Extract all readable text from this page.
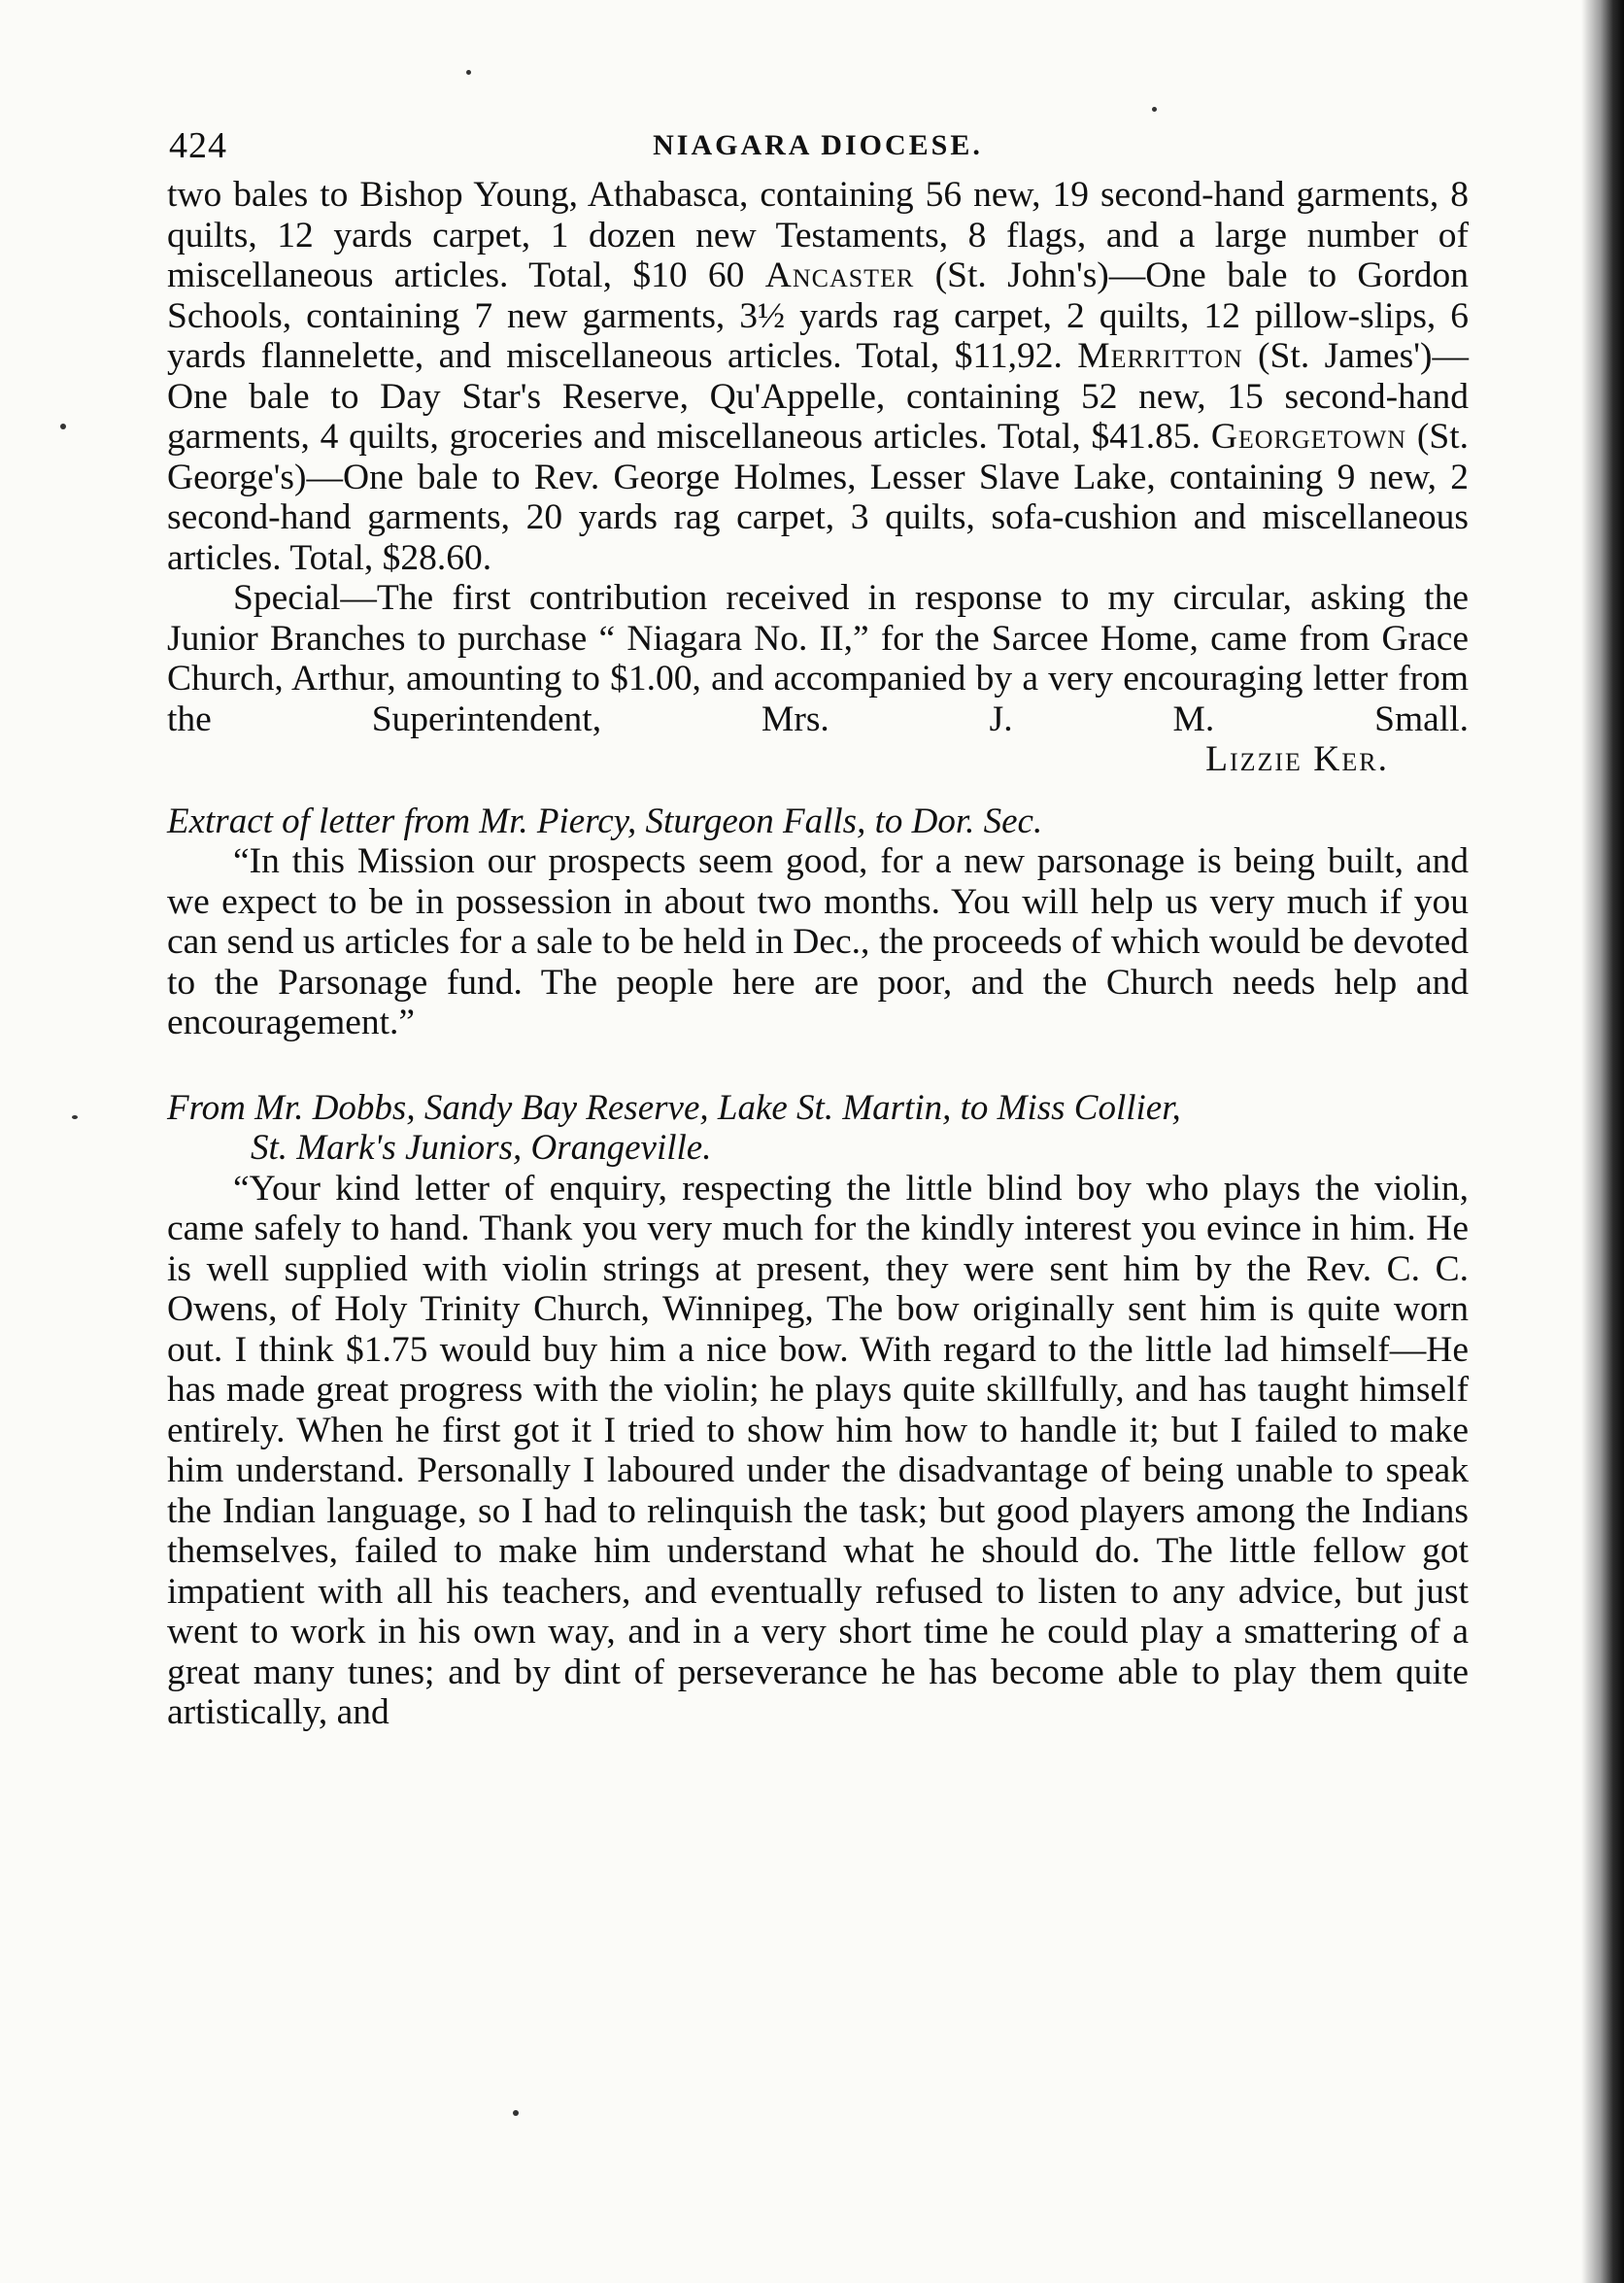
424	NIAGARA DIOCESE.

two bales to Bishop Young, Athabasca, containing 56 new, 19 second-hand garments, 8 quilts, 12 yards carpet, 1 dozen new Testaments, 8 flags, and a large number of miscellaneous articles. Total, $10 60 Ancaster (St. John's)—One bale to Gordon Schools, containing 7 new garments, 3½ yards rag carpet, 2 quilts, 12 pillow-slips, 6 yards flannelette, and miscellaneous articles. Total, $11,92. Merritton (St. James')—One bale to Day Star's Reserve, Qu'Appelle, containing 52 new, 15 second-hand garments, 4 quilts, groceries and miscellaneous articles. Total, $41.85. Georgetown (St. George's)—One bale to Rev. George Holmes, Lesser Slave Lake, containing 9 new, 2 second-hand garments, 20 yards rag carpet, 3 quilts, sofa-cushion and miscellaneous articles. Total, $28.60.

Special—The first contribution received in response to my circular, asking the Junior Branches to purchase “ Niagara No. II,” for the Sarcee Home, came from Grace Church, Arthur, amounting to $1.00, and accompanied by a very encouraging letter from the Superintendent, Mrs. J. M. Small.

Lizzie Ker.
Extract of letter from Mr. Piercy, Sturgeon Falls, to Dor. Sec.

“In this Mission our prospects seem good, for a new parsonage is being built, and we expect to be in possession in about two months. You will help us very much if you can send us articles for a sale to be held in Dec., the proceeds of which would be devoted to the Parsonage fund. The people here are poor, and the Church needs help and encouragement.”

From Mr. Dobbs, Sandy Bay Reserve, Lake St. Martin, to Miss Collier,
St. Mark's Juniors, Orangeville.

“Your kind letter of enquiry, respecting the little blind boy who plays the violin, came safely to hand. Thank you very much for the kindly interest you evince in him. He is well supplied with violin strings at present, they were sent him by the Rev. C. C. Owens, of Holy Trinity Church, Winnipeg, The bow originally sent him is quite worn out. I think $1.75 would buy him a nice bow. With regard to the little lad himself—He has made great progress with the violin; he plays quite skillfully, and has taught himself entirely. When he first got it I tried to show him how to handle it; but I failed to make him understand. Personally I laboured under the disadvantage of being unable to speak the Indian language, so I had to relinquish the task; but good players among the Indians themselves, failed to make him understand what he should do. The little fellow got impatient with all his teachers, and eventually refused to listen to any advice, but just went to work in his own way, and in a very short time he could play a smattering of a great many tunes; and by dint of perseverance he has become able to play them quite artistically, and
